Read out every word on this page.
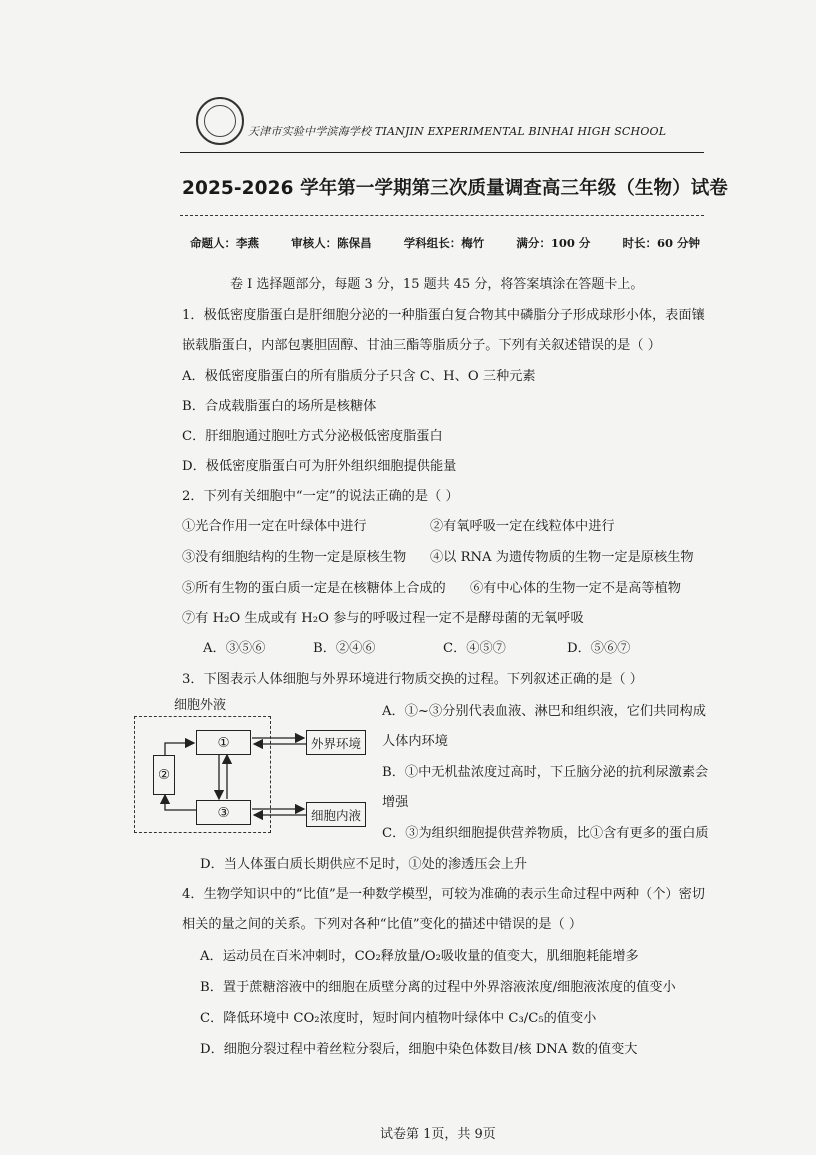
天津市实验中学滨海学校 TIANJIN EXPERIMENTAL BINHAI HIGH SCHOOL
2025-2026 学年第一学期第三次质量调查高三年级（生物）试卷
命题人：李燕	审核人：陈保昌	学科组长：梅竹	满分：100 分	时长：60 分钟
卷 I 选择题部分，每题 3 分，15 题共 45 分，将答案填涂在答题卡上。
1．极低密度脂蛋白是肝细胞分泌的一种脂蛋白复合物其中磷脂分子形成球形小体，表面镶
嵌载脂蛋白，内部包裹胆固醇、甘油三酯等脂质分子。下列有关叙述错误的是（ ）
A．极低密度脂蛋白的所有脂质分子只含 C、H、O 三种元素
B．合成载脂蛋白的场所是核糖体
C．肝细胞通过胞吐方式分泌极低密度脂蛋白
D．极低密度脂蛋白可为肝外组织细胞提供能量
2．下列有关细胞中“一定”的说法正确的是（ ）
①光合作用一定在叶绿体中进行	②有氧呼吸一定在线粒体中进行
③没有细胞结构的生物一定是原核生物 ④以 RNA 为遗传物质的生物一定是原核生物
⑤所有生物的蛋白质一定是在核糖体上合成的 ⑥有中心体的生物一定不是高等植物
⑦有 H₂O 生成或有 H₂O 参与的呼吸过程一定不是酵母菌的无氧呼吸
A．③⑤⑥	B．②④⑥	C．④⑤⑦	D．⑤⑥⑦
3．下图表示人体细胞与外界环境进行物质交换的过程。下列叙述正确的是（ ）
细胞外液
①
②
③
外界环境
细胞内液
A．①~③分别代表血液、淋巴和组织液，它们共同构成
人体内环境
B．①中无机盐浓度过高时，下丘脑分泌的抗利尿激素会
增强
C．③为组织细胞提供营养物质，比①含有更多的蛋白质
D．当人体蛋白质长期供应不足时，①处的渗透压会上升
4．生物学知识中的“比值”是一种数学模型，可较为准确的表示生命过程中两种（个）密切
相关的量之间的关系。下列对各种“比值”变化的描述中错误的是（ ）
A．运动员在百米冲刺时，CO₂释放量/O₂吸收量的值变大，肌细胞耗能增多
B．置于蔗糖溶液中的细胞在质壁分离的过程中外界溶液浓度/细胞液浓度的值变小
C．降低环境中 CO₂浓度时，短时间内植物叶绿体中 C₃/C₅的值变小
D．细胞分裂过程中着丝粒分裂后，细胞中染色体数目/核 DNA 数的值变大
试卷第 1页，共 9页
